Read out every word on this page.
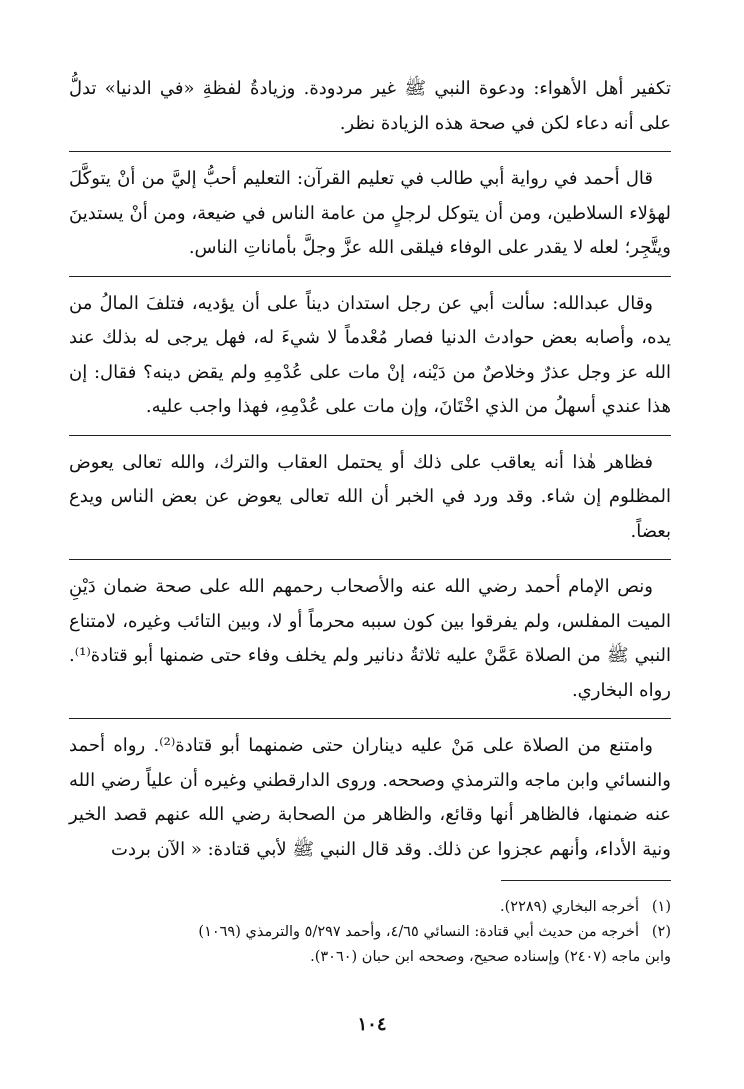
تكفير أهل الأهواء: ودعوة النبي ﷺ غير مردودة. وزيادةُ لفظةِ «في الدنيا» تدلُّ على أنه دعاء لكن في صحة هذه الزيادة نظر.

قال أحمد في رواية أبي طالب في تعليم القرآن: التعليم أحبُّ إليَّ من أنْ يتوكَّلَ لهؤلاء السلاطين، ومن أن يتوكل لرجلٍ من عامة الناس في ضيعة، ومن أنْ يستدينَ ويتَّجِر؛ لعله لا يقدر على الوفاء فيلقى الله عزَّ وجلَّ بأماناتِ الناس.

وقال عبدالله: سألت أبي عن رجل استدان ديناً على أن يؤديه، فتلفَ المالُ من يده، وأصابه بعض حوادث الدنيا فصار مُعْدماً لا شيءَ له، فهل يرجى له بذلك عند الله عز وجل عذرٌ وخلاصٌ من دَيْنه، إنْ مات على عُدْمِهِ ولم يقض دينه؟ فقال: إن هذا عندي أسهلُ من الذي اخْتَانَ، وإن مات على عُدْمِهِ، فهذا واجب عليه.

فظاهر هٰذا أنه يعاقب على ذلك أو يحتمل العقاب والترك، والله تعالى يعوض المظلوم إن شاء. وقد ورد في الخبر أن الله تعالى يعوض عن بعض الناس ويدع بعضاً.

ونص الإمام أحمد رضي الله عنه والأصحاب رحمهم الله على صحة ضمان دَيْنِ الميت المفلس، ولم يفرقوا بين كون سببه محرماً أو لا، وبين التائب وغيره، لامتناع النبي ﷺ من الصلاة عَمَّنْ عليه ثلاثةُ دنانير ولم يخلف وفاء حتى ضمنها أبو قتادة⁽¹⁾. رواه البخاري.

وامتنع من الصلاة على مَنْ عليه ديناران حتى ضمنهما أبو قتادة⁽²⁾. رواه أحمد والنسائي وابن ماجه والترمذي وصححه. وروى الدارقطني وغيره أن علياً رضي الله عنه ضمنها، فالظاهر أنها وقائع، والظاهر من الصحابة رضي الله عنهم قصد الخير ونية الأداء، وأنهم عجزوا عن ذلك. وقد قال النبي ﷺ لأبي قتادة: « الآن بردت

(١)
أخرجه البخاري (٢٢٨٩).
(٢)
أخرجه من حديث أبي قتادة: النسائي ٤/٦٥، وأحمد ٥/٢٩٧ والترمذي (١٠٦٩)

وابن ماجه (٢٤٠٧) وإسناده صحيح، وصححه ابن حبان (٣٠٦٠).

١٠٤
